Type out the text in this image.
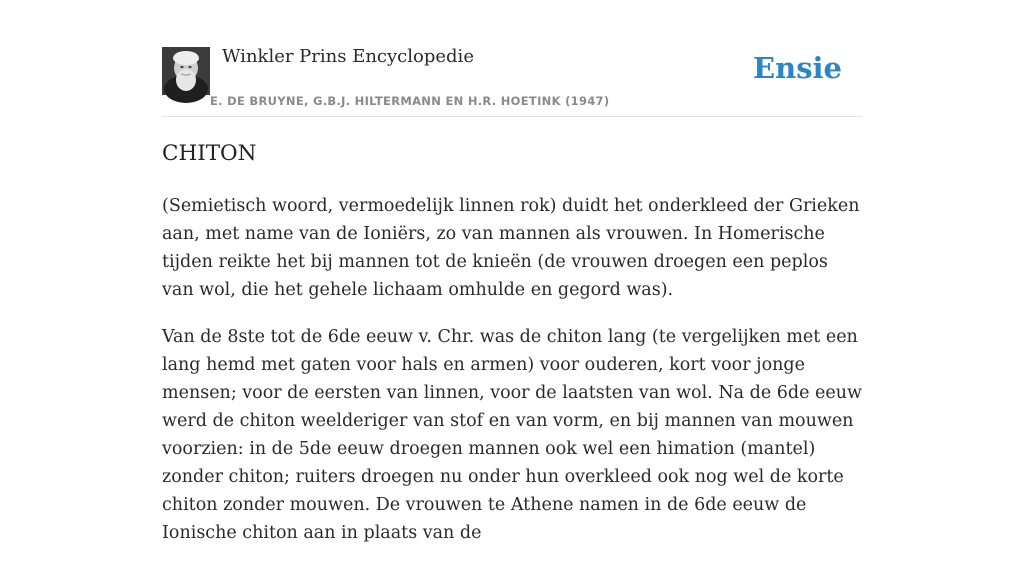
Winkler Prins Encyclopedie
E. DE BRUYNE, G.B.J. HILTERMANN EN H.R. HOETINK (1947)
Ensie
CHITON

(Semietisch woord, vermoedelijk linnen rok) duidt het onderkleed der Grieken aan, met name van de Ioniërs, zo van mannen als vrouwen. In Homerische tijden reikte het bij mannen tot de knieën (de vrouwen droegen een peplos van wol, die het gehele lichaam omhulde en gegord was).

Van de 8ste tot de 6de eeuw v. Chr. was de chiton lang (te vergelijken met een lang hemd met gaten voor hals en armen) voor ouderen, kort voor jonge mensen; voor de eersten van linnen, voor de laatsten van wol. Na de 6de eeuw werd de chiton weelderiger van stof en van vorm, en bij mannen van mouwen voorzien: in de 5de eeuw droegen mannen ook wel een himation (mantel) zonder chiton; ruiters droegen nu onder hun overkleed ook nog wel de korte chiton zonder mouwen. De vrouwen te Athene namen in de 6de eeuw de Ionische chiton aan in plaats van de
